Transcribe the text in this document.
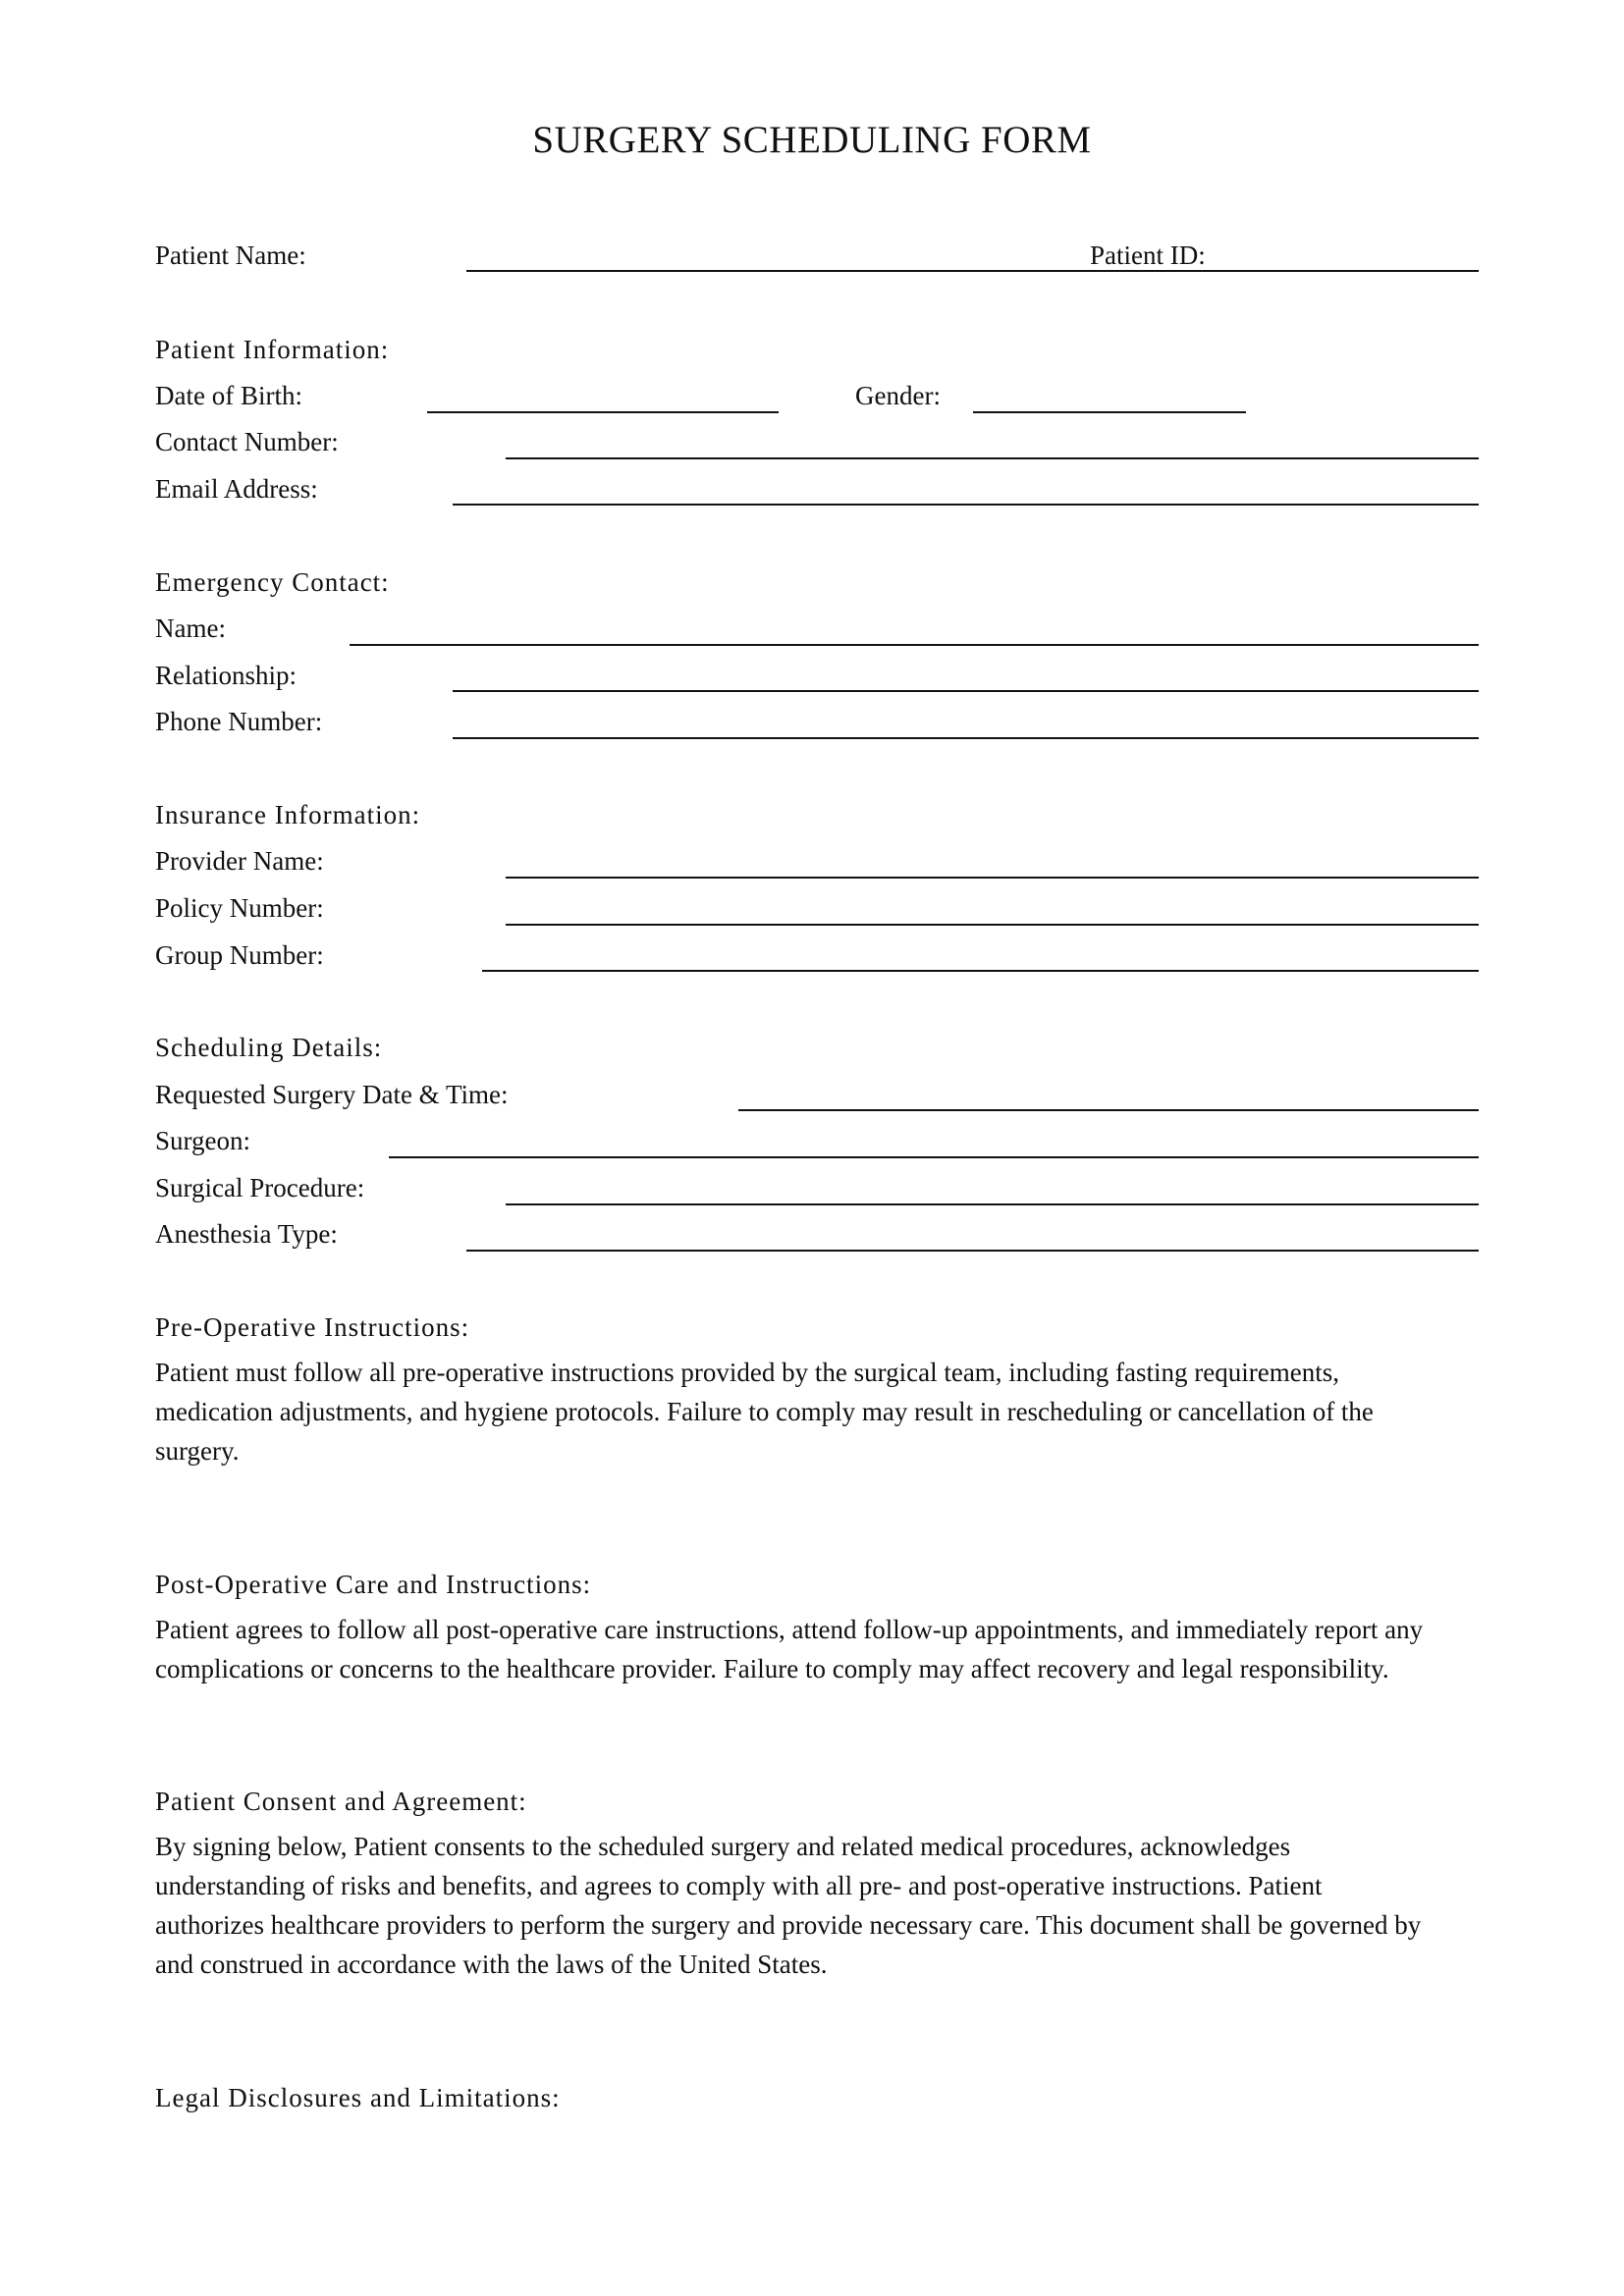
SURGERY SCHEDULING FORM
Patient Name:	Patient ID:
Patient Information:
Date of Birth:	Gender:
Contact Number:
Email Address:
Emergency Contact:
Name:
Relationship:
Phone Number:
Insurance Information:
Provider Name:
Policy Number:
Group Number:
Scheduling Details:
Requested Surgery Date & Time:
Surgeon:
Surgical Procedure:
Anesthesia Type:
Pre-Operative Instructions:
Patient must follow all pre-operative instructions provided by the surgical team, including fasting requirements,
medication adjustments, and hygiene protocols. Failure to comply may result in rescheduling or cancellation of the
surgery.
Post-Operative Care and Instructions:
Patient agrees to follow all post-operative care instructions, attend follow-up appointments, and immediately report any
complications or concerns to the healthcare provider. Failure to comply may affect recovery and legal responsibility.
Patient Consent and Agreement:
By signing below, Patient consents to the scheduled surgery and related medical procedures, acknowledges
understanding of risks and benefits, and agrees to comply with all pre- and post-operative instructions. Patient
authorizes healthcare providers to perform the surgery and provide necessary care. This document shall be governed by
and construed in accordance with the laws of the United States.
Legal Disclosures and Limitations:
